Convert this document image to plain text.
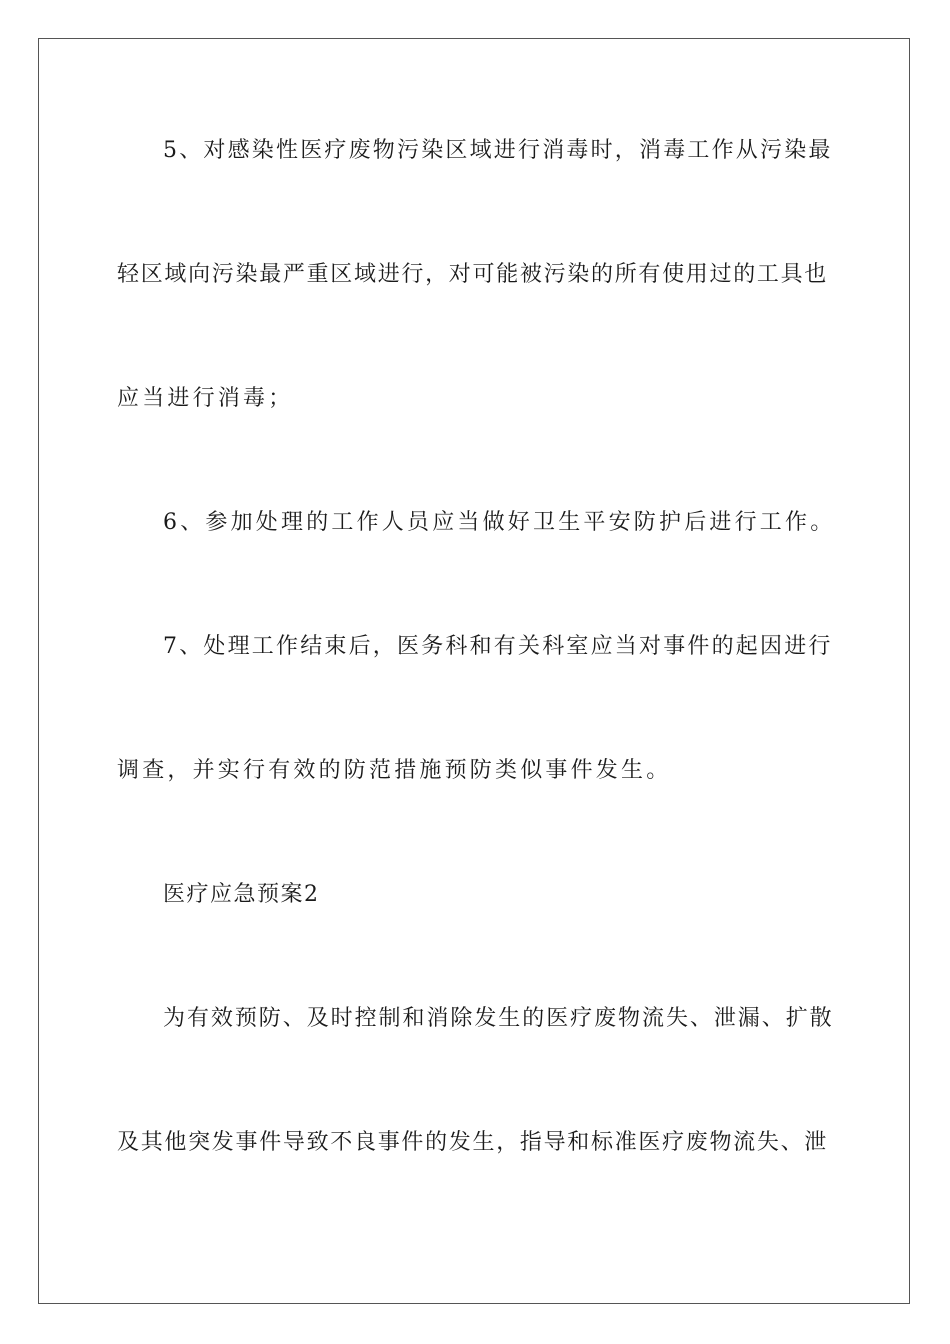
5、对感染性医疗废物污染区域进行消毒时，消毒工作从污染最
轻区域向污染最严重区域进行，对可能被污染的所有使用过的工具也
应当进行消毒；
6、参加处理的工作人员应当做好卫生平安防护后进行工作。
7、处理工作结束后，医务科和有关科室应当对事件的起因进行
调查，并实行有效的防范措施预防类似事件发生。
医疗应急预案2
为有效预防、及时控制和消除发生的医疗废物流失、泄漏、扩散
及其他突发事件导致不良事件的发生，指导和标准医疗废物流失、泄
